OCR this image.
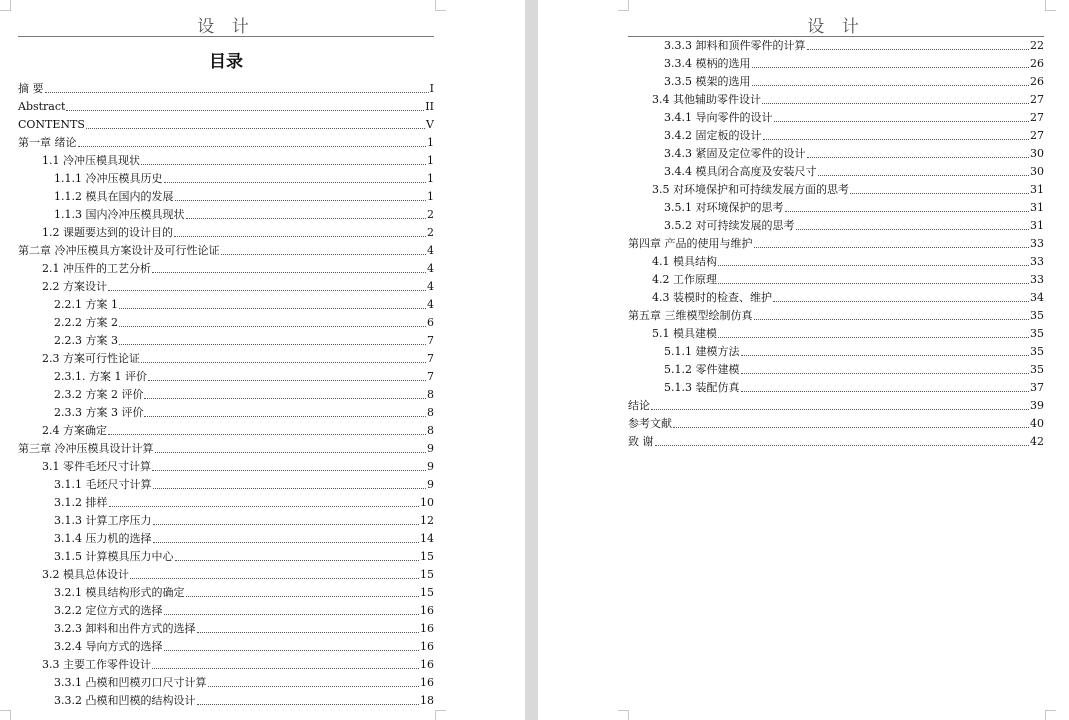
设 计
目录
摘 要	I
Abstract	II
CONTENTS	V
第一章 绪论	1
1.1 冷冲压模具现状	1
1.1.1 冷冲压模具历史	1
1.1.2 模具在国内的发展	1
1.1.3 国内冷冲压模具现状	2
1.2 课题要达到的设计目的	2
第二章 冷冲压模具方案设计及可行性论证	4
2.1 冲压件的工艺分析	4
2.2 方案设计	4
2.2.1 方案 1	4
2.2.2 方案 2	6
2.2.3 方案 3	7
2.3 方案可行性论证	7
2.3.1. 方案 1 评价	7
2.3.2 方案 2 评价	8
2.3.3 方案 3 评价	8
2.4 方案确定	8
第三章 冷冲压模具设计计算	9
3.1 零件毛坯尺寸计算	9
3.1.1 毛坯尺寸计算	9
3.1.2 排样	10
3.1.3 计算工序压力	12
3.1.4 压力机的选择	14
3.1.5 计算模具压力中心	15
3.2 模具总体设计	15
3.2.1 模具结构形式的确定	15
3.2.2 定位方式的选择	16
3.2.3 卸料和出件方式的选择	16
3.2.4 导向方式的选择	16
3.3 主要工作零件设计	16
3.3.1 凸模和凹模刃口尺寸计算	16
3.3.2 凸模和凹模的结构设计	18
设 计
3.3.3 卸料和顶件零件的计算	22
3.3.4 模柄的选用	26
3.3.5 模架的选用	26
3.4 其他辅助零件设计	27
3.4.1 导向零件的设计	27
3.4.2 固定板的设计	27
3.4.3 紧固及定位零件的设计	30
3.4.4 模具闭合高度及安装尺寸	30
3.5 对环境保护和可持续发展方面的思考	31
3.5.1 对环境保护的思考	31
3.5.2 对可持续发展的思考	31
第四章 产品的使用与维护	33
4.1 模具结构	33
4.2 工作原理	33
4.3 装模时的检查、维护	34
第五章 三维模型绘制仿真	35
5.1 模具建模	35
5.1.1 建模方法	35
5.1.2 零件建模	35
5.1.3 装配仿真	37
结论	39
参考文献	40
致 谢	42
